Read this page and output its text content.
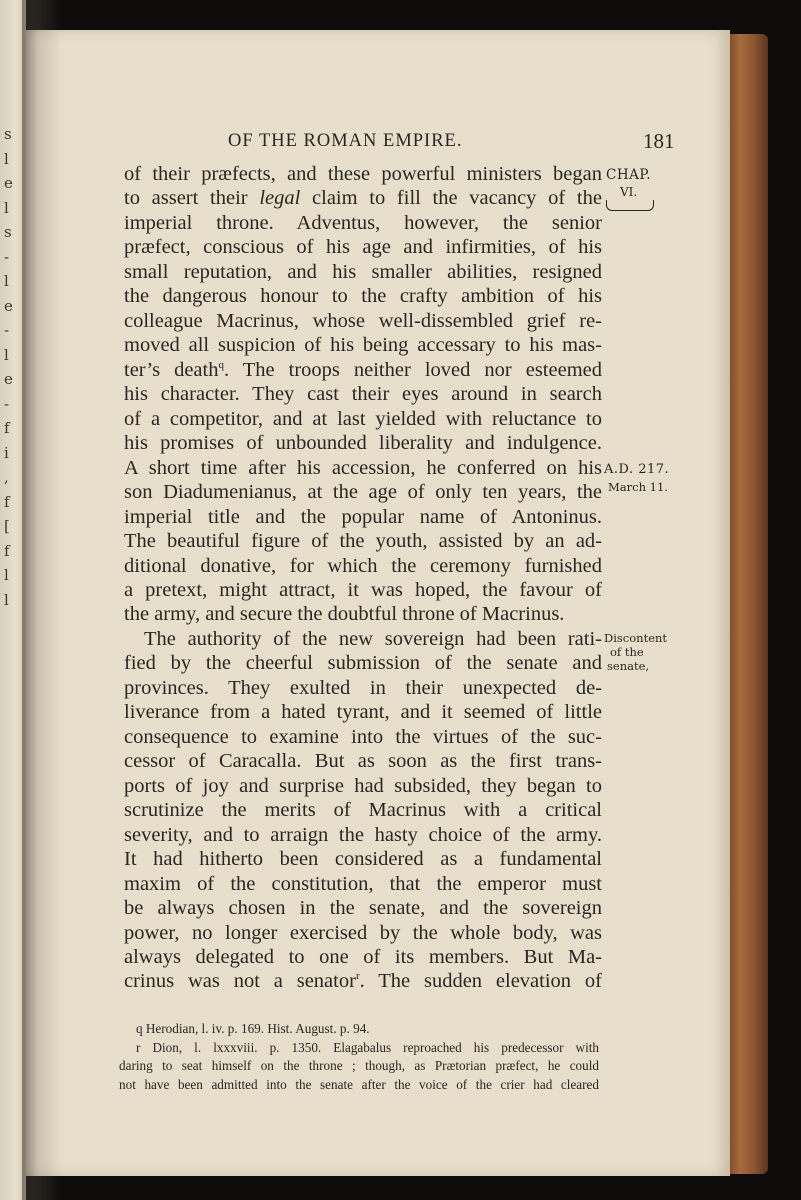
s
l
e
l
s
-
l
e
-
l
e
-
f
i
,
f
[
f
l
l
OF THE ROMAN EMPIRE.	181
of their præfects, and these powerful ministers began
to assert their legal claim to fill the vacancy of the
imperial throne. Adventus, however, the senior
præfect, conscious of his age and infirmities, of his
small reputation, and his smaller abilities, resigned
the dangerous honour to the crafty ambition of his
colleague Macrinus, whose well-dissembled grief re-
moved all suspicion of his being accessary to his mas-
ter’s death$^q$. The troops neither loved nor esteemed
his character. They cast their eyes around in search
of a competitor, and at last yielded with reluctance to
his promises of unbounded liberality and indulgence.
A short time after his accession, he conferred on his
son Diadumenianus, at the age of only ten years, the
imperial title and the popular name of Antoninus.
The beautiful figure of the youth, assisted by an ad-
ditional donative, for which the ceremony furnished
a pretext, might attract, it was hoped, the favour of
the army, and secure the doubtful throne of Macrinus.
The authority of the new sovereign had been rati-
fied by the cheerful submission of the senate and
provinces. They exulted in their unexpected de-
liverance from a hated tyrant, and it seemed of little
consequence to examine into the virtues of the suc-
cessor of Caracalla. But as soon as the first trans-
ports of joy and surprise had subsided, they began to
scrutinize the merits of Macrinus with a critical
severity, and to arraign the hasty choice of the army.
It had hitherto been considered as a fundamental
maxim of the constitution, that the emperor must
be always chosen in the senate, and the sovereign
power, no longer exercised by the whole body, was
always delegated to one of its members. But Ma-
crinus was not a senator$^r$. The sudden elevation of
CHAP.
VI.
A.D. 217.
March 11.
Discontent
of the
senate,
q Herodian, l. iv. p. 169. Hist. August. p. 94.
r Dion, l. lxxxviii. p. 1350. Elagabalus reproached his predecessor with
daring to seat himself on the throne ; though, as Prætorian præfect, he could
not have been admitted into the senate after the voice of the crier had cleared
